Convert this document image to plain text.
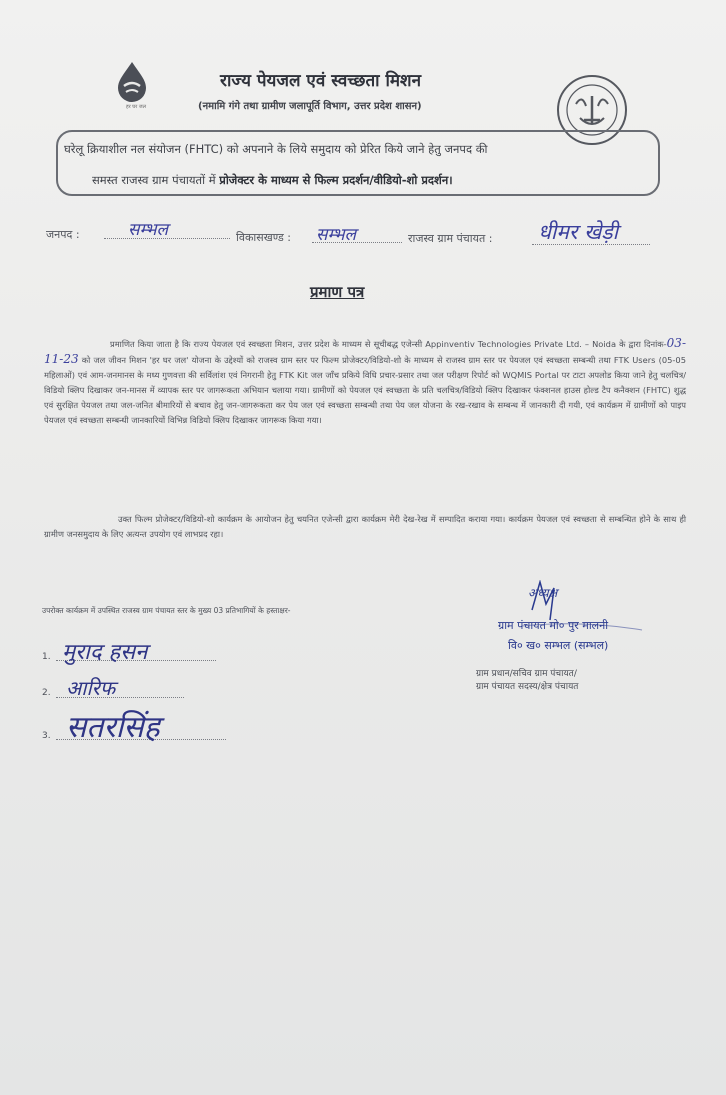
हर घर जल
राज्य पेयजल एवं स्वच्छता मिशन
(नमामि गंगे तथा ग्रामीण जलापूर्ति विभाग, उत्तर प्रदेश शासन)
घरेलू क्रियाशील नल संयोजन (FHTC) को अपनाने के लिये समुदाय को प्रेरित किये जाने हेतु जनपद की
समस्त राजस्व ग्राम पंचायतों में प्रोजेक्टर के माध्यम से फिल्म प्रदर्शन/वीडियो-शो प्रदर्शन।
जनपद :	सम्भल	विकासखण्ड : सम्भल	राजस्व ग्राम पंचायत : धीमर खेड़ी
प्रमाण पत्र
प्रमाणित किया जाता है कि राज्य पेयजल एवं स्वच्छता मिशन, उत्तर प्रदेश के माध्यम से सूचीबद्ध एजेन्सी Appinventiv Technologies Private Ltd. – Noida के द्वारा दिनांक-03-11-23 को जल जीवन मिशन 'हर घर जल' योजना के उद्देश्यों को राजस्व ग्राम स्तर पर फिल्म प्रोजेक्टर/विडियो-शो के माध्यम से राजस्व ग्राम स्तर पर पेयजल एवं स्वच्छता सम्बन्धी तथा FTK Users (05-05 महिलाओं) एवं आम-जनमानस के मध्य गुणवत्ता की सर्विलांश एवं निगरानी हेतु FTK Kit जल जाँच प्रकिये विधि प्रचार-प्रसार तथा जल परीक्षण रिपोर्ट को WQMIS Portal पर टाटा अपलोड किया जाने हेतु चलचित्र/विडियो क्लिप दिखाकर जन-मानस में व्यापक स्तर पर जागरूकता अभियान चलाया गया। ग्रामीणों को पेयजल एवं स्वच्छता के प्रति चलचित्र/विडियो क्लिप दिखाकर फंक्शनल हाउस होल्ड टैप कनैक्शन (FHTC) शुद्ध एवं सुरक्षित पेयजल तथा जल-जनित बीमारियों से बचाव हेतु जन-जागरूकता कर पेय जल एवं स्वच्छता सम्बन्धी तथा पेय जल योजना के रख-रखाव के सम्बन्ध में जानकारी दी गयी, एवं कार्यक्रम में ग्रामीणों को पाइप पेयजल एवं स्वच्छता सम्बन्धी जानकारियों विभिन्न विडियो क्लिप दिखाकर जागरूक किया गया।
उक्त फिल्म प्रोजेक्टर/विडियो-शो कार्यक्रम के आयोजन हेतु चयनित एजेन्सी द्वारा कार्यक्रम मेरी देख-रेख में सम्पादित कराया गया। कार्यक्रम पेयजल एवं स्वच्छता से सम्बन्धित होने के साथ ही ग्रामीण जनसमुदाय के लिए अत्यन्त उपयोग एवं लाभप्रद रहा।
उपरोक्त कार्यक्रम में उपस्थित राजस्व ग्राम पंचायत स्तर के मुख्य 03 प्रतिभागियों के हस्ताक्षर-
1. मुराद हसन
2. आरिफ
3. सतरसिंह
अध्यक्ष
ग्राम पंचायत मो० पुर मालनी
वि० ख० सम्भल (सम्भल)
ग्राम प्रधान/सचिव ग्राम पंचायत/
ग्राम पंचायत सदस्य/क्षेत्र पंचायत
